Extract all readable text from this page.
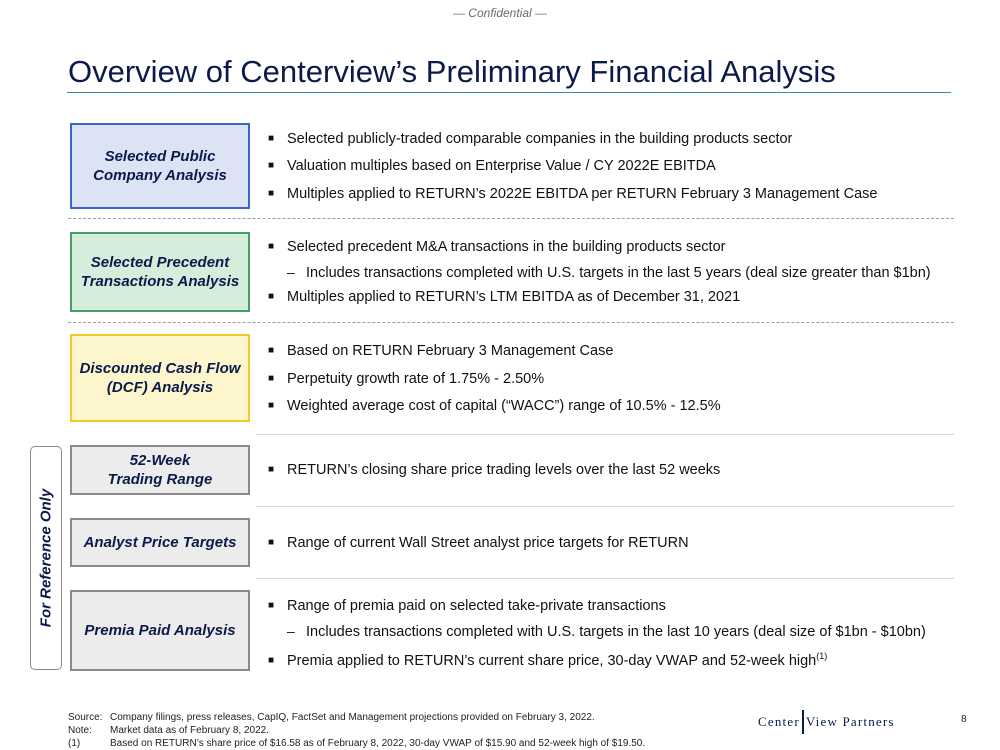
— Confidential —
Overview of Centerview’s Preliminary Financial Analysis
Selected Public Company Analysis
■ Selected publicly-traded comparable companies in the building products sector
■ Valuation multiples based on Enterprise Value / CY 2022E EBITDA
■ Multiples applied to RETURN’s 2022E EBITDA per RETURN February 3 Management Case
Selected Precedent Transactions Analysis
■ Selected precedent M&A transactions in the building products sector
– Includes transactions completed with U.S. targets in the last 5 years (deal size greater than $1bn)
■ Multiples applied to RETURN’s LTM EBITDA as of December 31, 2021
Discounted Cash Flow (DCF) Analysis
■ Based on RETURN February 3 Management Case
■ Perpetuity growth rate of 1.75% - 2.50%
■ Weighted average cost of capital (“WACC”) range of 10.5% - 12.5%
For Reference Only
52-Week
Trading Range
■ RETURN’s closing share price trading levels over the last 52 weeks
Analyst Price Targets	■ Range of current Wall Street analyst price targets for RETURN
Premia Paid Analysis
■ Range of premia paid on selected take-private transactions
– Includes transactions completed with U.S. targets in the last 10 years (deal size of $1bn - $10bn)
■ Premia applied to RETURN’s current share price, 30-day VWAP and 52-week high$^{(1)}$
Source: Company filings, press releases, CapIQ, FactSet and Management projections provided on February 3, 2022.
Note: Market data as of February 8, 2022.
(1)	Based on RETURN’s share price of $16.58 as of February 8, 2022, 30-day VWAP of $15.90 and 52-week high of $19.50.
Center View Partners	8
